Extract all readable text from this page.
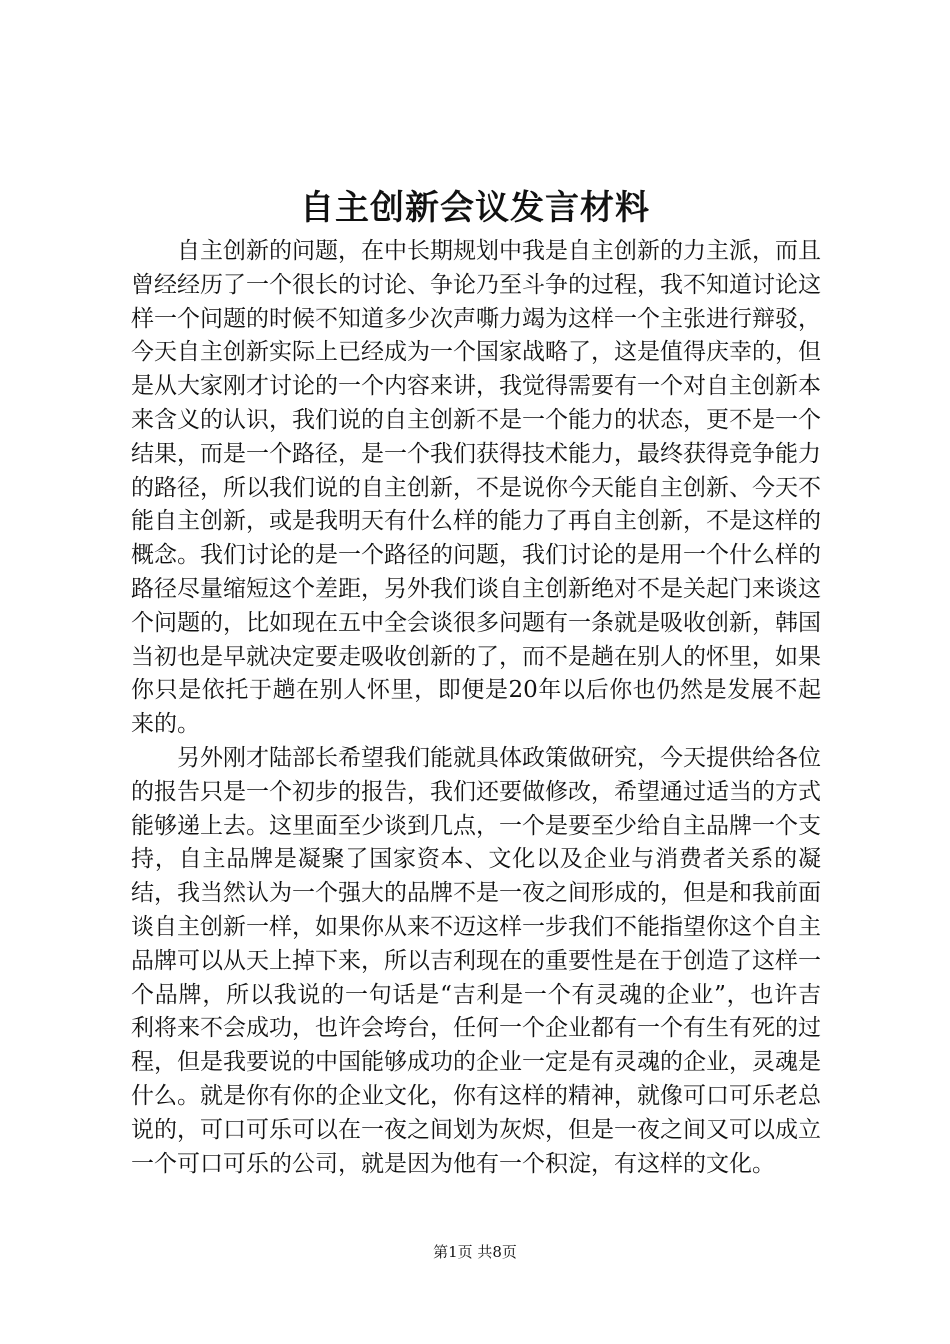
自主创新会议发言材料

自主创新的问题，在中长期规划中我是自主创新的力主派，而且曾经经历了一个很长的讨论、争论乃至斗争的过程，我不知道讨论这样一个问题的时候不知道多少次声嘶力竭为这样一个主张进行辩驳，今天自主创新实际上已经成为一个国家战略了，这是值得庆幸的，但是从大家刚才讨论的一个内容来讲，我觉得需要有一个对自主创新本来含义的认识，我们说的自主创新不是一个能力的状态，更不是一个结果，而是一个路径，是一个我们获得技术能力，最终获得竞争能力的路径，所以我们说的自主创新，不是说你今天能自主创新、今天不能自主创新，或是我明天有什么样的能力了再自主创新，不是这样的概念。我们讨论的是一个路径的问题，我们讨论的是用一个什么样的路径尽量缩短这个差距，另外我们谈自主创新绝对不是关起门来谈这个问题的，比如现在五中全会谈很多问题有一条就是吸收创新，韩国当初也是早就决定要走吸收创新的了，而不是趟在别人的怀里，如果你只是依托于趟在别人怀里，即便是20年以后你也仍然是发展不起来的。

另外刚才陆部长希望我们能就具体政策做研究，今天提供给各位的报告只是一个初步的报告，我们还要做修改，希望通过适当的方式能够递上去。这里面至少谈到几点，一个是要至少给自主品牌一个支持，自主品牌是凝聚了国家资本、文化以及企业与消费者关系的凝结，我当然认为一个强大的品牌不是一夜之间形成的，但是和我前面谈自主创新一样，如果你从来不迈这样一步我们不能指望你这个自主品牌可以从天上掉下来，所以吉利现在的重要性是在于创造了这样一个品牌，所以我说的一句话是“吉利是一个有灵魂的企业”，也许吉利将来不会成功，也许会垮台，任何一个企业都有一个有生有死的过程，但是我要说的中国能够成功的企业一定是有灵魂的企业，灵魂是什么。就是你有你的企业文化，你有这样的精神，就像可口可乐老总说的，可口可乐可以在一夜之间划为灰烬，但是一夜之间又可以成立一个可口可乐的公司，就是因为他有一个积淀，有这样的文化。

第1页 共8页
